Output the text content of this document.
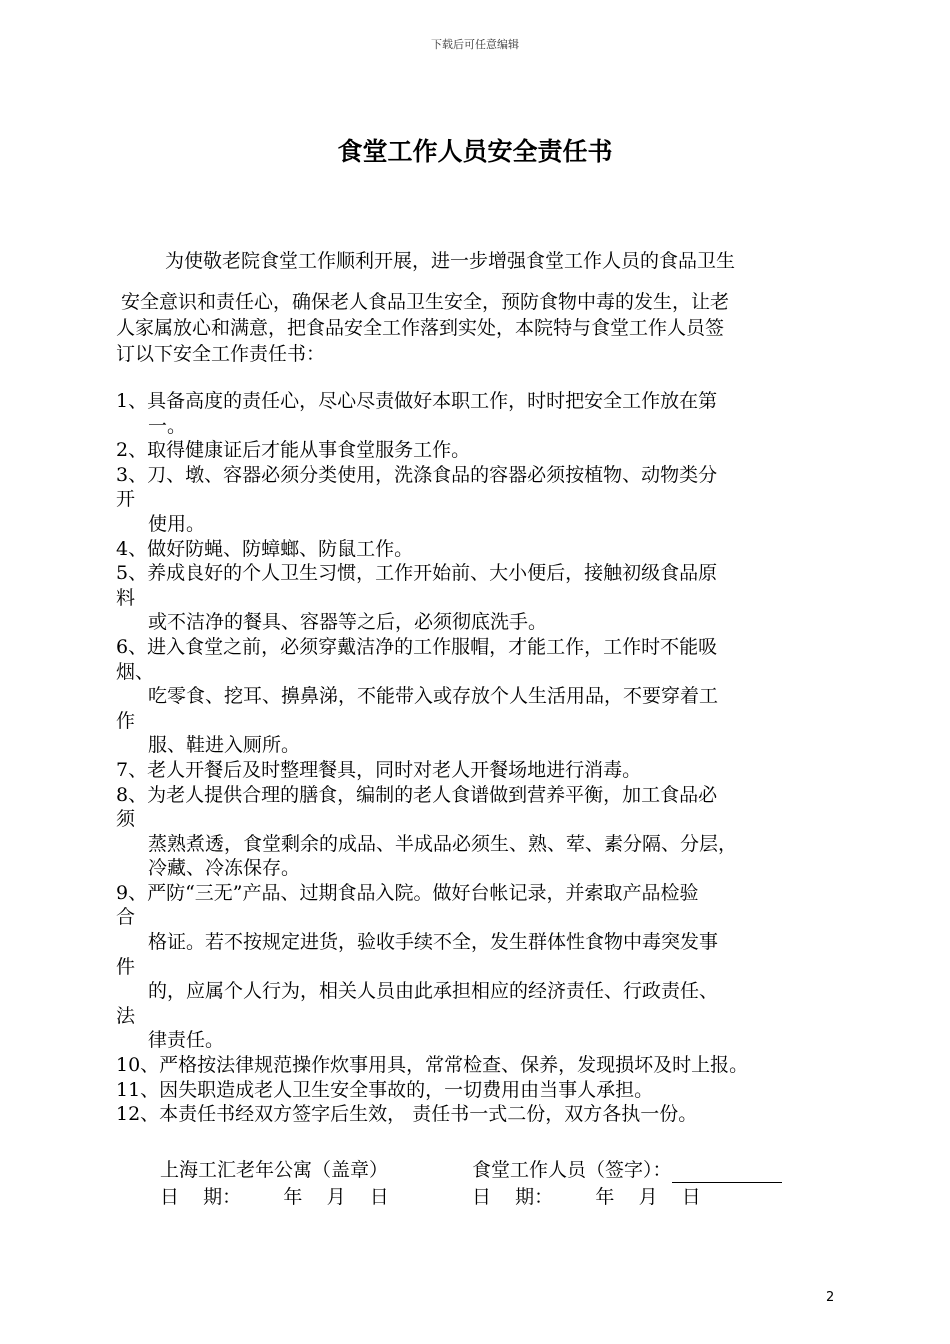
下载后可任意编辑
食堂工作人员安全责任书

为使敬老院食堂工作顺利开展，进一步增强食堂工作人员的食品卫生

安全意识和责任心，确保老人食品卫生安全，预防食物中毒的发生，让老

人家属放心和满意，把食品安全工作落到实处，本院特与食堂工作人员签

订以下安全工作责任书：

1、具备高度的责任心，尽心尽责做好本职工作，时时把安全工作放在第
一。
2、取得健康证后才能从事食堂服务工作。
3、刀、墩、容器必须分类使用，洗涤食品的容器必须按植物、动物类分
开
使用。
4、做好防蝇、防蟑螂、防鼠工作。
5、养成良好的个人卫生习惯，工作开始前、大小便后，接触初级食品原
料
或不洁净的餐具、容器等之后，必须彻底洗手。
6、进入食堂之前，必须穿戴洁净的工作服帽，才能工作，工作时不能吸
烟、
吃零食、挖耳、擤鼻涕，不能带入或存放个人生活用品，不要穿着工
作
服、鞋进入厕所。
7、老人开餐后及时整理餐具，同时对老人开餐场地进行消毒。
8、为老人提供合理的膳食，编制的老人食谱做到营养平衡，加工食品必
须
蒸熟煮透，食堂剩余的成品、半成品必须生、熟、荤、素分隔、分层，
冷藏、冷冻保存。
9、严防“三无”产品、过期食品入院。做好台帐记录，并索取产品检验
合
格证。若不按规定进货，验收手续不全，发生群体性食物中毒突发事
件
的，应属个人行为，相关人员由此承担相应的经济责任、行政责任、
法
律责任。
10、严格按法律规范操作炊事用具，常常检查、保养，发现损坏及时上报。
11、因失职造成老人卫生安全事故的，一切费用由当事人承担。
12、本责任书经双方签字后生效， 责任书一式二份，双方各执一份。
上海工汇老年公寓（盖章）	食堂工作人员（签字）：
日    期：       年    月    日	日    期：       年    月    日
2
